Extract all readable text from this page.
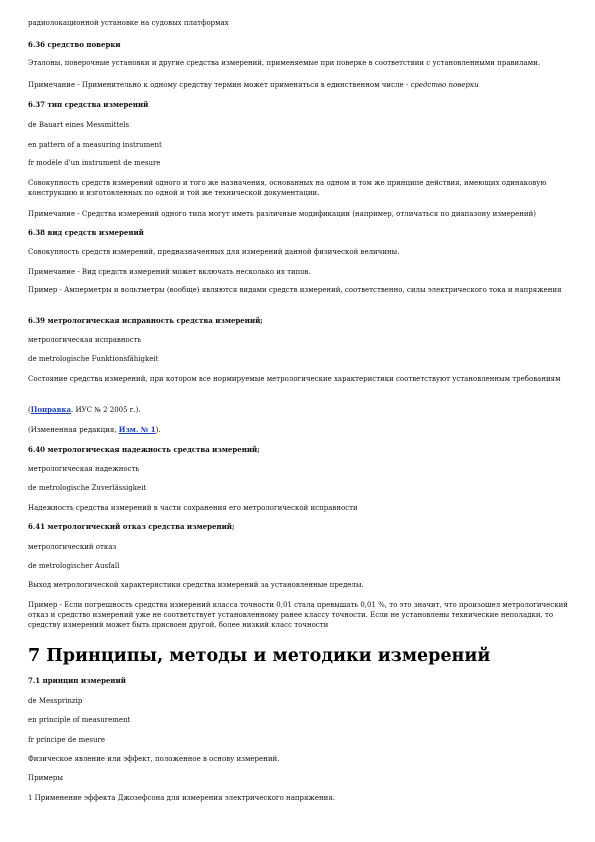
радиолокационной установке на судовых платформах
6.36 средство поверки
Эталоны, поверочные установки и другие средства измерений, применяемые при поверке в соответствии с установленными правилами.
Примечание - Применительно к одному средству термин может применяться в единственном числе - средство поверки
6.37 тип средства измерений
de Bauart eines Messmittels
en pattern of a measuring instrument
fr modèle d'un instrument de mesure
Совокупность средств измерений одного и того же назначения, основанных на одном и том же принципе действия, имеющих одинаковую конструкцию и изготовленных по одной и той же технической документации.
Примечание - Средства измерений одного типа могут иметь различные модификации (например, отличаться по диапазону измерений)
6.38 вид средств измерений
Совокупность средств измерений, предназначенных для измерений данной физической величины.
Примечание - Вид средств измерений может включать несколько их типов.
Пример - Амперметры и вольтметры (вообще) являются видами средств измерений, соответственно, силы электрического тока и напряжения
6.39 метрологическая исправность средства измерений;
метрологическая исправность
de metrologische Funktionsfähigkeit
Состояние средства измерений, при котором все нормируемые метрологические характеристики соответствуют установленным требованиям
(Поправка. ИУС № 2 2005 г.).
(Измененная редакция, Изм. № 1).
6.40 метрологическая надежность средства измерений;
метрологическая надежность
de metrologische Zuverlässigkeit
Надежность средства измерений в части сохранения его метрологической исправности
6.41 метрологический отказ средства измерений;
метрологический отказ
de metrologischer Ausfall
Выход метрологической характеристики средства измерений за установленные пределы.
Пример - Если погрешность средства измерений класса точности 0,01 стала превышать 0,01 %, то это значит, что произошел метрологический отказ и средство измерений уже не соответствует установленному ранее классу точности. Если не установлены технические неполадки, то средству измерений может быть присвоен другой, более низкий класс точности
7 Принципы, методы и методики измерений
7.1 принцип измерений
de Messprinzip
en principle of measurement
fr principe de mesure
Физическое явление или эффект, положенное в основу измерений.
Примеры
1 Применение эффекта Джозефсона для измерения электрического напряжения.
